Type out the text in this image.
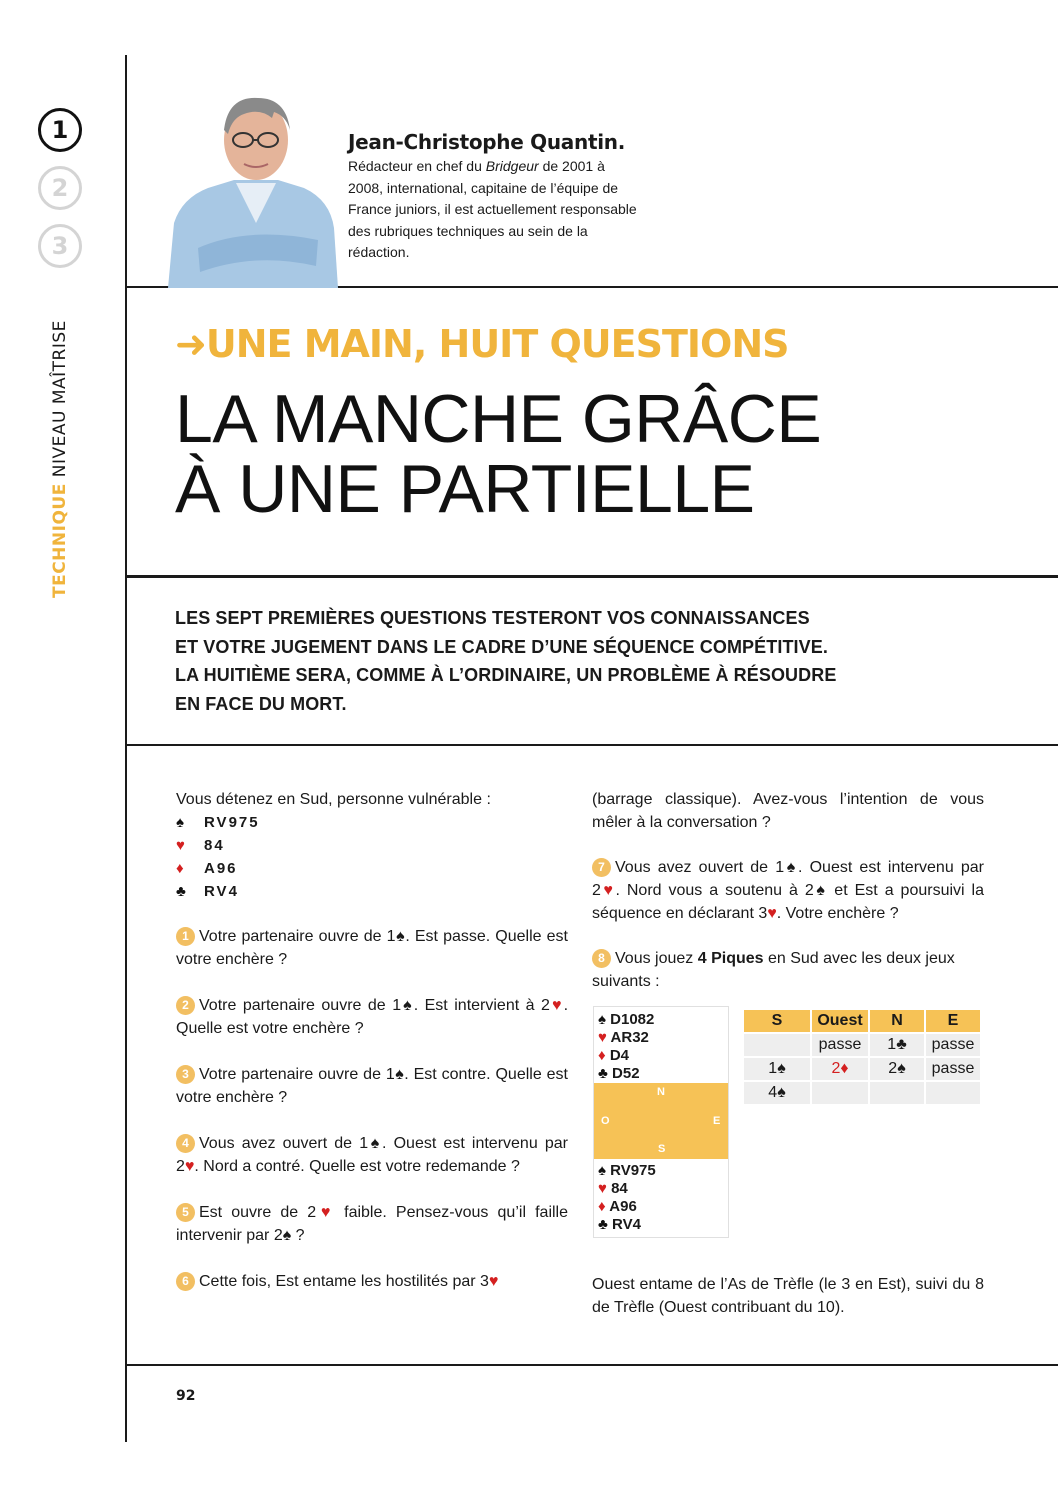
1
2
3
TECHNIQUE NIVEAU MAÎTRISE
Jean-Christophe Quantin.
Rédacteur en chef du Bridgeur de 2001 à 2008, international, capitaine de l’équipe de France juniors, il est actuellement responsable des rubriques techniques au sein de la rédaction.
➜UNE MAIN, HUIT QUESTIONS
LA MANCHE GRÂCE
À UNE PARTIELLE
LES SEPT PREMIÈRES QUESTIONS TESTERONT VOS CONNAISSANCES
ET VOTRE JUGEMENT DANS LE CADRE D’UNE SÉQUENCE COMPÉTITIVE.
LA HUITIÈME SERA, COMME À L’ORDINAIRE, UN PROBLÈME À RÉSOUDRE
EN FACE DU MORT.

Vous détenez en Sud, personne vulnérable :

♠ RV975
♥ 84
♦ A96
♣ RV4

1 Votre partenaire ouvre de 1♠. Est passe. Quelle est votre enchère ?

2 Votre partenaire ouvre de 1♠. Est intervient à 2♥. Quelle est votre enchère ?

3 Votre partenaire ouvre de 1♠. Est contre. Quelle est votre enchère ?

4 Vous avez ouvert de 1♠. Ouest est intervenu par 2♥. Nord a contré. Quelle est votre redemande ?

5 Est ouvre de 2♥ faible. Pensez-vous qu’il faille intervenir par 2♠ ?

6 Cette fois, Est entame les hostilités par 3♥

(barrage classique). Avez-vous l’intention de vous mêler à la conversation ?

7 Vous avez ouvert de 1♠. Ouest est intervenu par 2♥. Nord vous a soutenu à 2♠ et Est a poursuivi la séquence en déclarant 3♥. Votre enchère ?

8 Vous jouez 4 Piques en Sud avec les deux jeux suivants :

♠ D1082
♥ AR32
♦ D4
♣ D52
N
O	E
S
♠ RV975
♥ 84
♦ A96
♣ RV4
S	Ouest	N	E
	passe	1♣	passe
1♠	2♦	2♠	passe
4♠			
Ouest entame de l’As de Trèfle (le 3 en Est), suivi du 8 de Trèfle (Ouest contribuant du 10).
92
